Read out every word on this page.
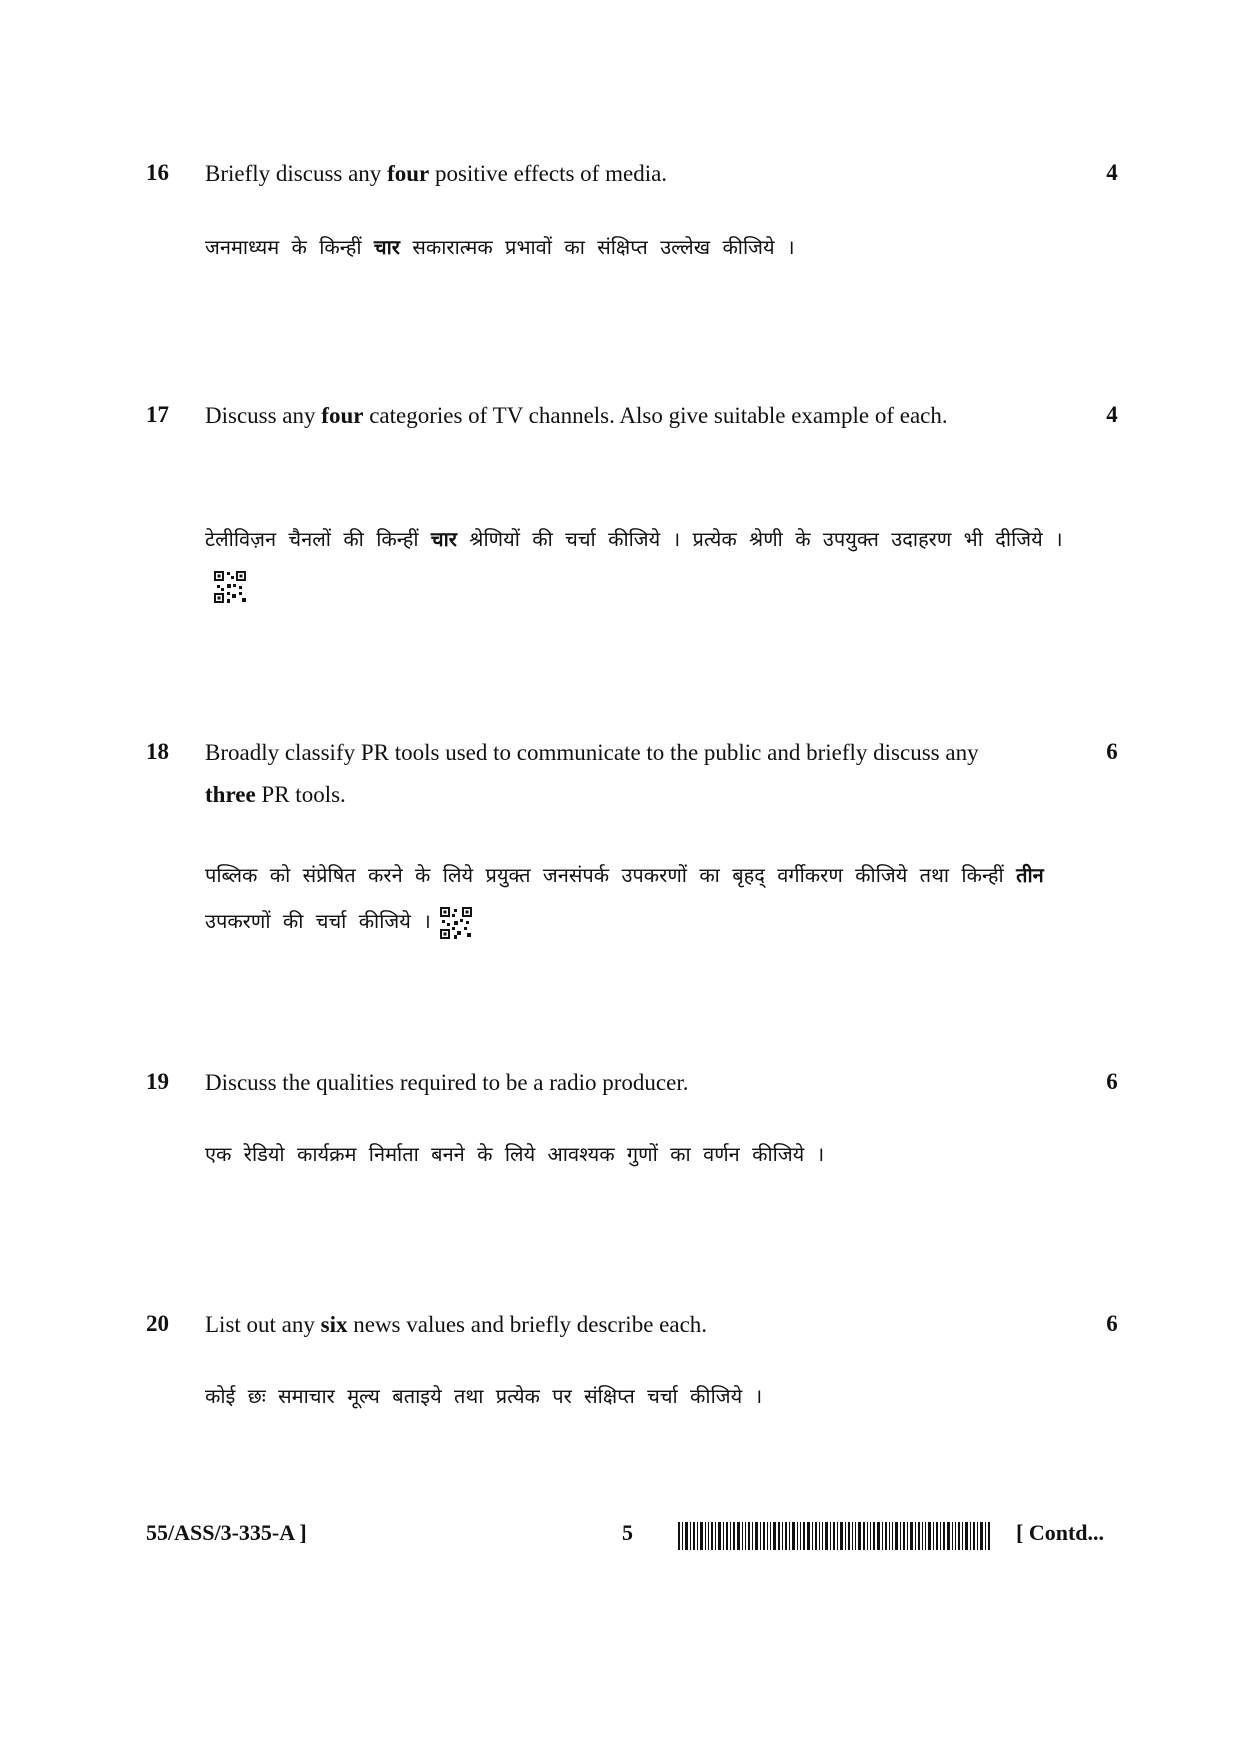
16 Briefly discuss any four positive effects of media.	4
जनमाध्यम के किन्हीं चार सकारात्मक प्रभावों का संक्षिप्त उल्लेख कीजिये ।
17 Discuss any four categories of TV channels. Also give suitable example of each.	4
टेलीविज़न चैनलों की किन्हीं चार श्रेणियों की चर्चा कीजिये । प्रत्येक श्रेणी के उपयुक्त उदाहरण भी दीजिये ।
18 Broadly classify PR tools used to communicate to the public and briefly discuss any three PR tools.
6
पब्लिक को संप्रेषित करने के लिये प्रयुक्त जनसंपर्क उपकरणों का बृहद् वर्गीकरण कीजिये तथा किन्हीं तीन उपकरणों की चर्चा कीजिये ।
19 Discuss the qualities required to be a radio producer.	6
एक रेडियो कार्यक्रम निर्माता बनने के लिये आवश्यक गुणों का वर्णन कीजिये ।
20 List out any six news values and briefly describe each.	6
कोई छः समाचार मूल्य बताइये तथा प्रत्येक पर संक्षिप्त चर्चा कीजिये ।
55/ASS/3-335-A ]	5	[ Contd...
